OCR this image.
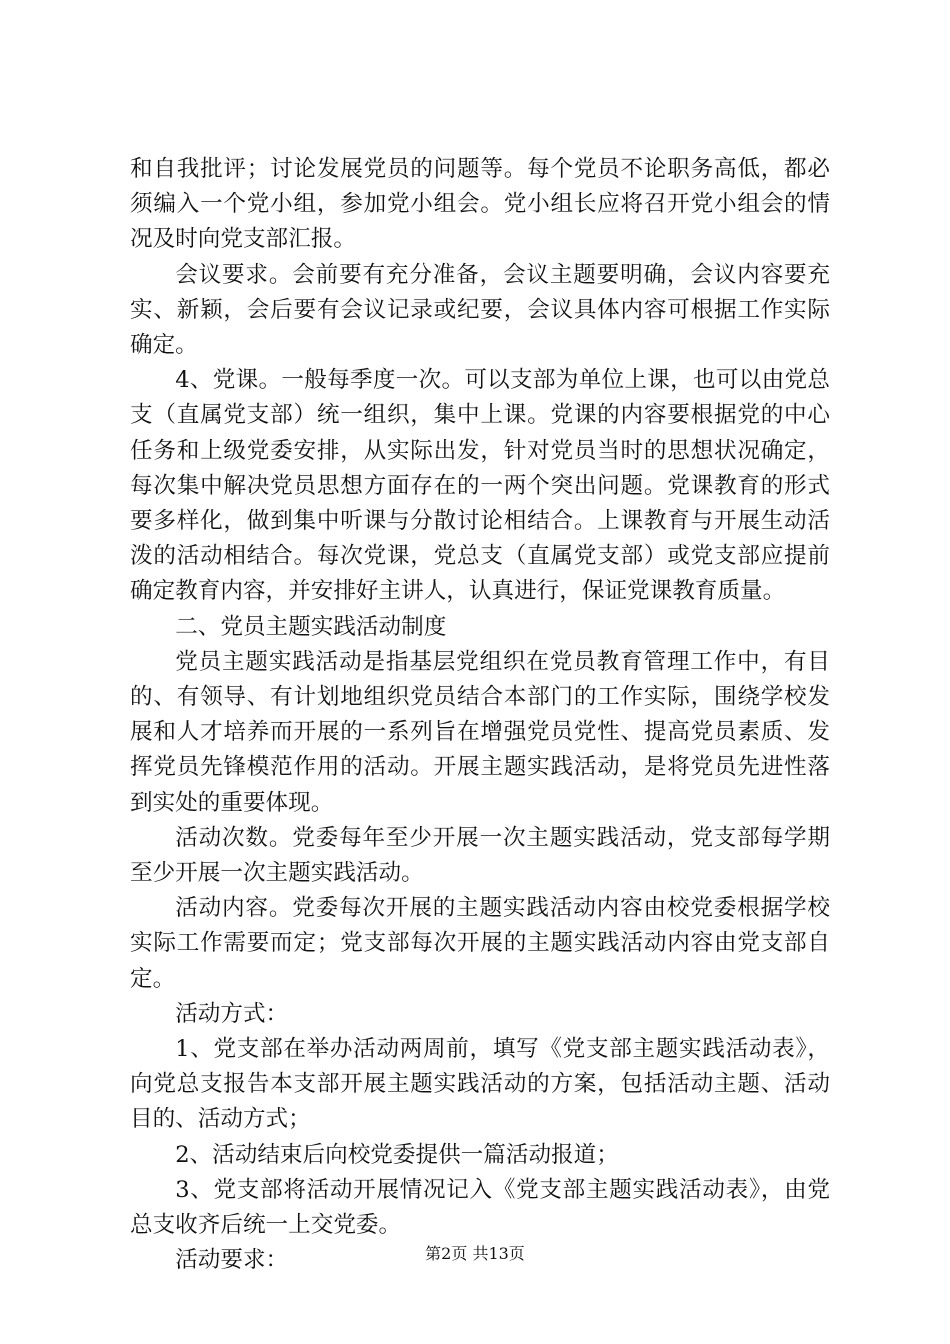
和自我批评；讨论发展党员的问题等。每个党员不论职务高低，都必须编入一个党小组，参加党小组会。党小组长应将召开党小组会的情况及时向党支部汇报。

会议要求。会前要有充分准备，会议主题要明确，会议内容要充实、新颖，会后要有会议记录或纪要，会议具体内容可根据工作实际确定。

4、党课。一般每季度一次。可以支部为单位上课，也可以由党总支（直属党支部）统一组织，集中上课。党课的内容要根据党的中心任务和上级党委安排，从实际出发，针对党员当时的思想状况确定，每次集中解决党员思想方面存在的一两个突出问题。党课教育的形式要多样化，做到集中听课与分散讨论相结合。上课教育与开展生动活泼的活动相结合。每次党课，党总支（直属党支部）或党支部应提前确定教育内容，并安排好主讲人，认真进行，保证党课教育质量。

二、党员主题实践活动制度

党员主题实践活动是指基层党组织在党员教育管理工作中，有目的、有领导、有计划地组织党员结合本部门的工作实际，围绕学校发展和人才培养而开展的一系列旨在增强党员党性、提高党员素质、发挥党员先锋模范作用的活动。开展主题实践活动，是将党员先进性落到实处的重要体现。

活动次数。党委每年至少开展一次主题实践活动，党支部每学期至少开展一次主题实践活动。

活动内容。党委每次开展的主题实践活动内容由校党委根据学校实际工作需要而定；党支部每次开展的主题实践活动内容由党支部自定。

活动方式：

1、党支部在举办活动两周前，填写《党支部主题实践活动表》，向党总支报告本支部开展主题实践活动的方案，包括活动主题、活动目的、活动方式；

2、活动结束后向校党委提供一篇活动报道；

3、党支部将活动开展情况记入《党支部主题实践活动表》，由党总支收齐后统一上交党委。

活动要求：	第2页 共13页
